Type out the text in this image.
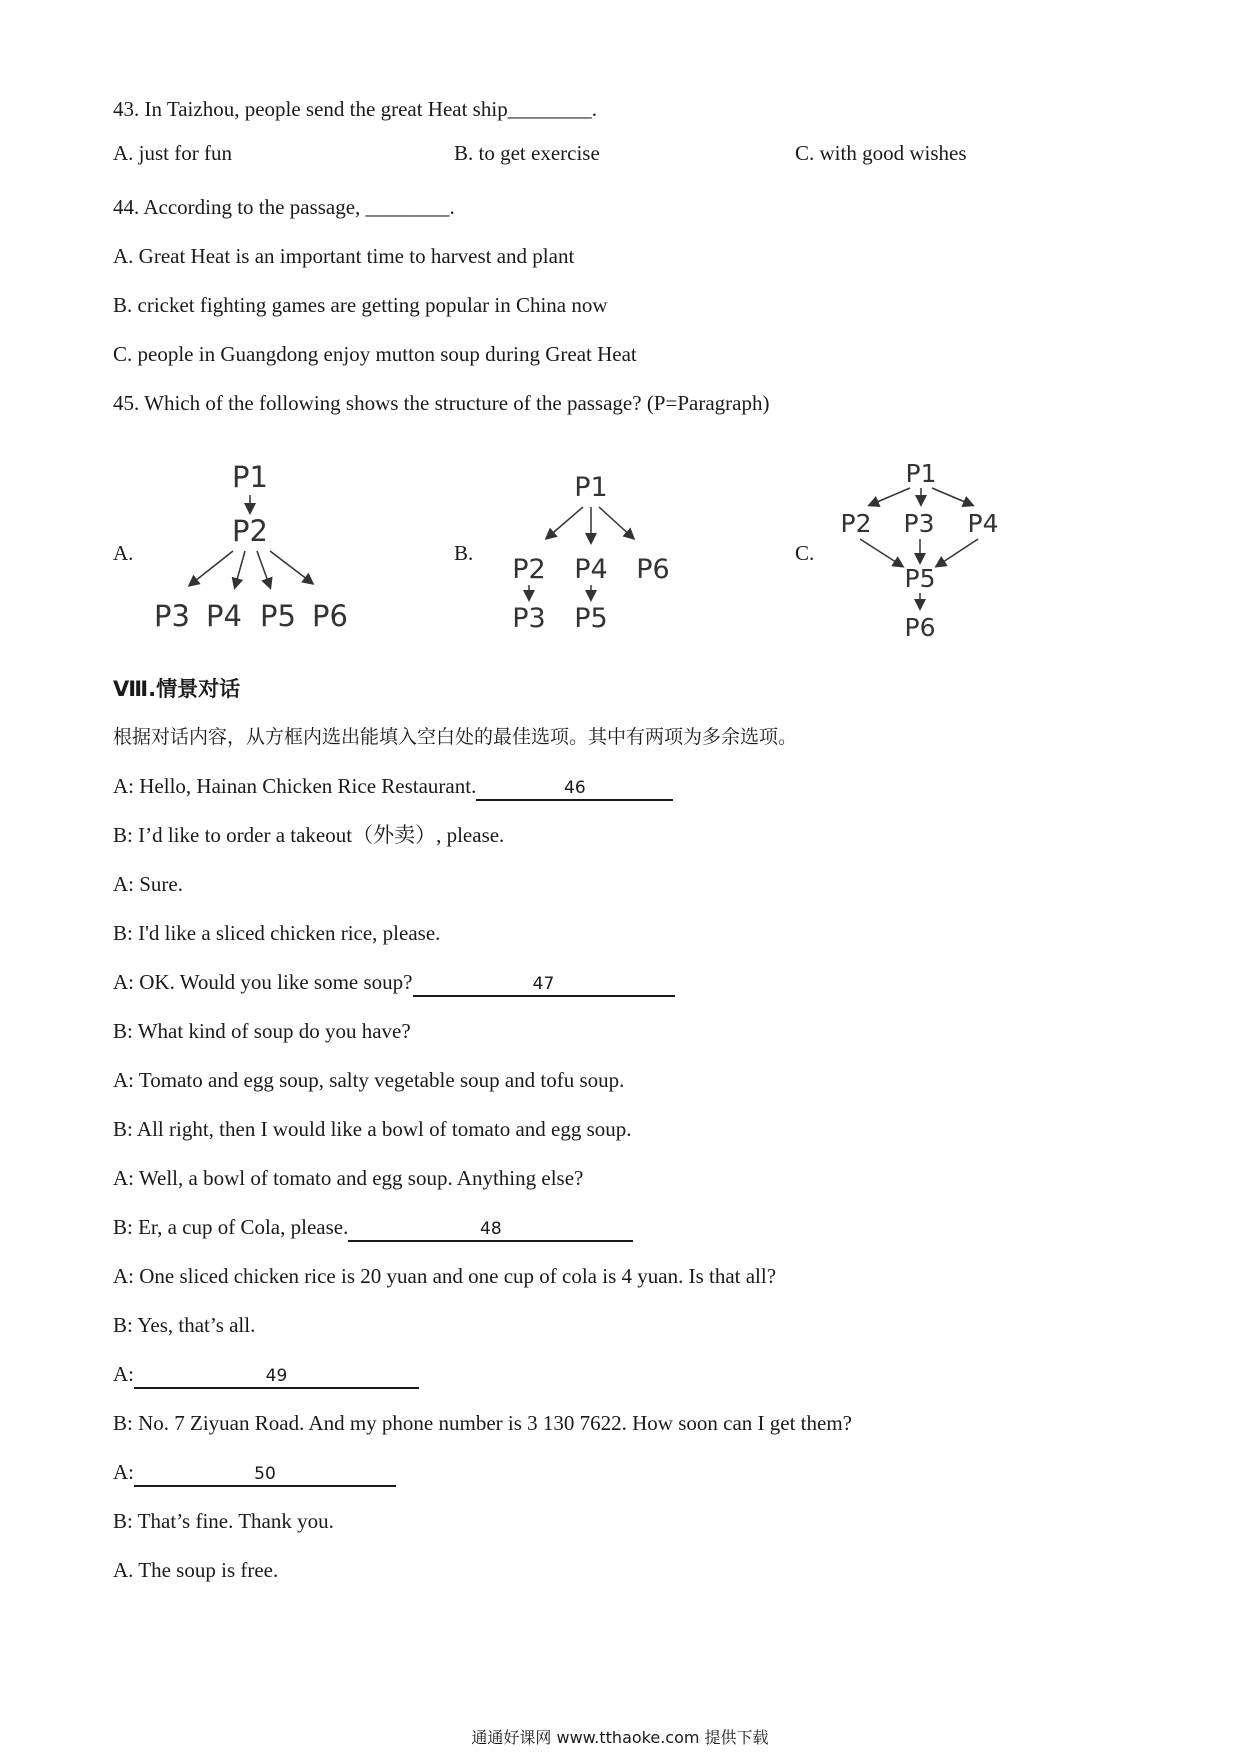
43. In Taizhou, people send the great Heat ship________.
A. just for fun	B. to get exercise	C. with good wishes
44. According to the passage, ________.
A. Great Heat is an important time to harvest and plant
B. cricket fighting games are getting popular in China now
C. people in Guangdong enjoy mutton soup during Great Heat
45. Which of the following shows the structure of the passage? (P=Paragraph)
A.	B.	C.
P1
P2
P3 P4 P5 P6
P1
P2 P4 P6
P3 P5
P1
P2 P3 P4
P5
P6
Ⅷ.情景对话
根据对话内容，从方框内选出能填入空白处的最佳选项。其中有两项为多余选项。
A: Hello, Hainan Chicken Rice Restaurant.	46
B: I’d like to order a takeout（外卖）, please.
A: Sure.
B: I'd like a sliced chicken rice, please.
A: OK. Would you like some soup?	47
B: What kind of soup do you have?
A: Tomato and egg soup, salty vegetable soup and tofu soup.
B: All right, then I would like a bowl of tomato and egg soup.
A: Well, a bowl of tomato and egg soup. Anything else?
B: Er, a cup of Cola, please.	48
A: One sliced chicken rice is 20 yuan and one cup of cola is 4 yuan. Is that all?
B: Yes, that’s all.
A:	49
B: No. 7 Ziyuan Road. And my phone number is 3 130 7622. How soon can I get them?
A:	50
B: That’s fine. Thank you.
A. The soup is free.
通通好课网 www.tthaoke.com 提供下载
